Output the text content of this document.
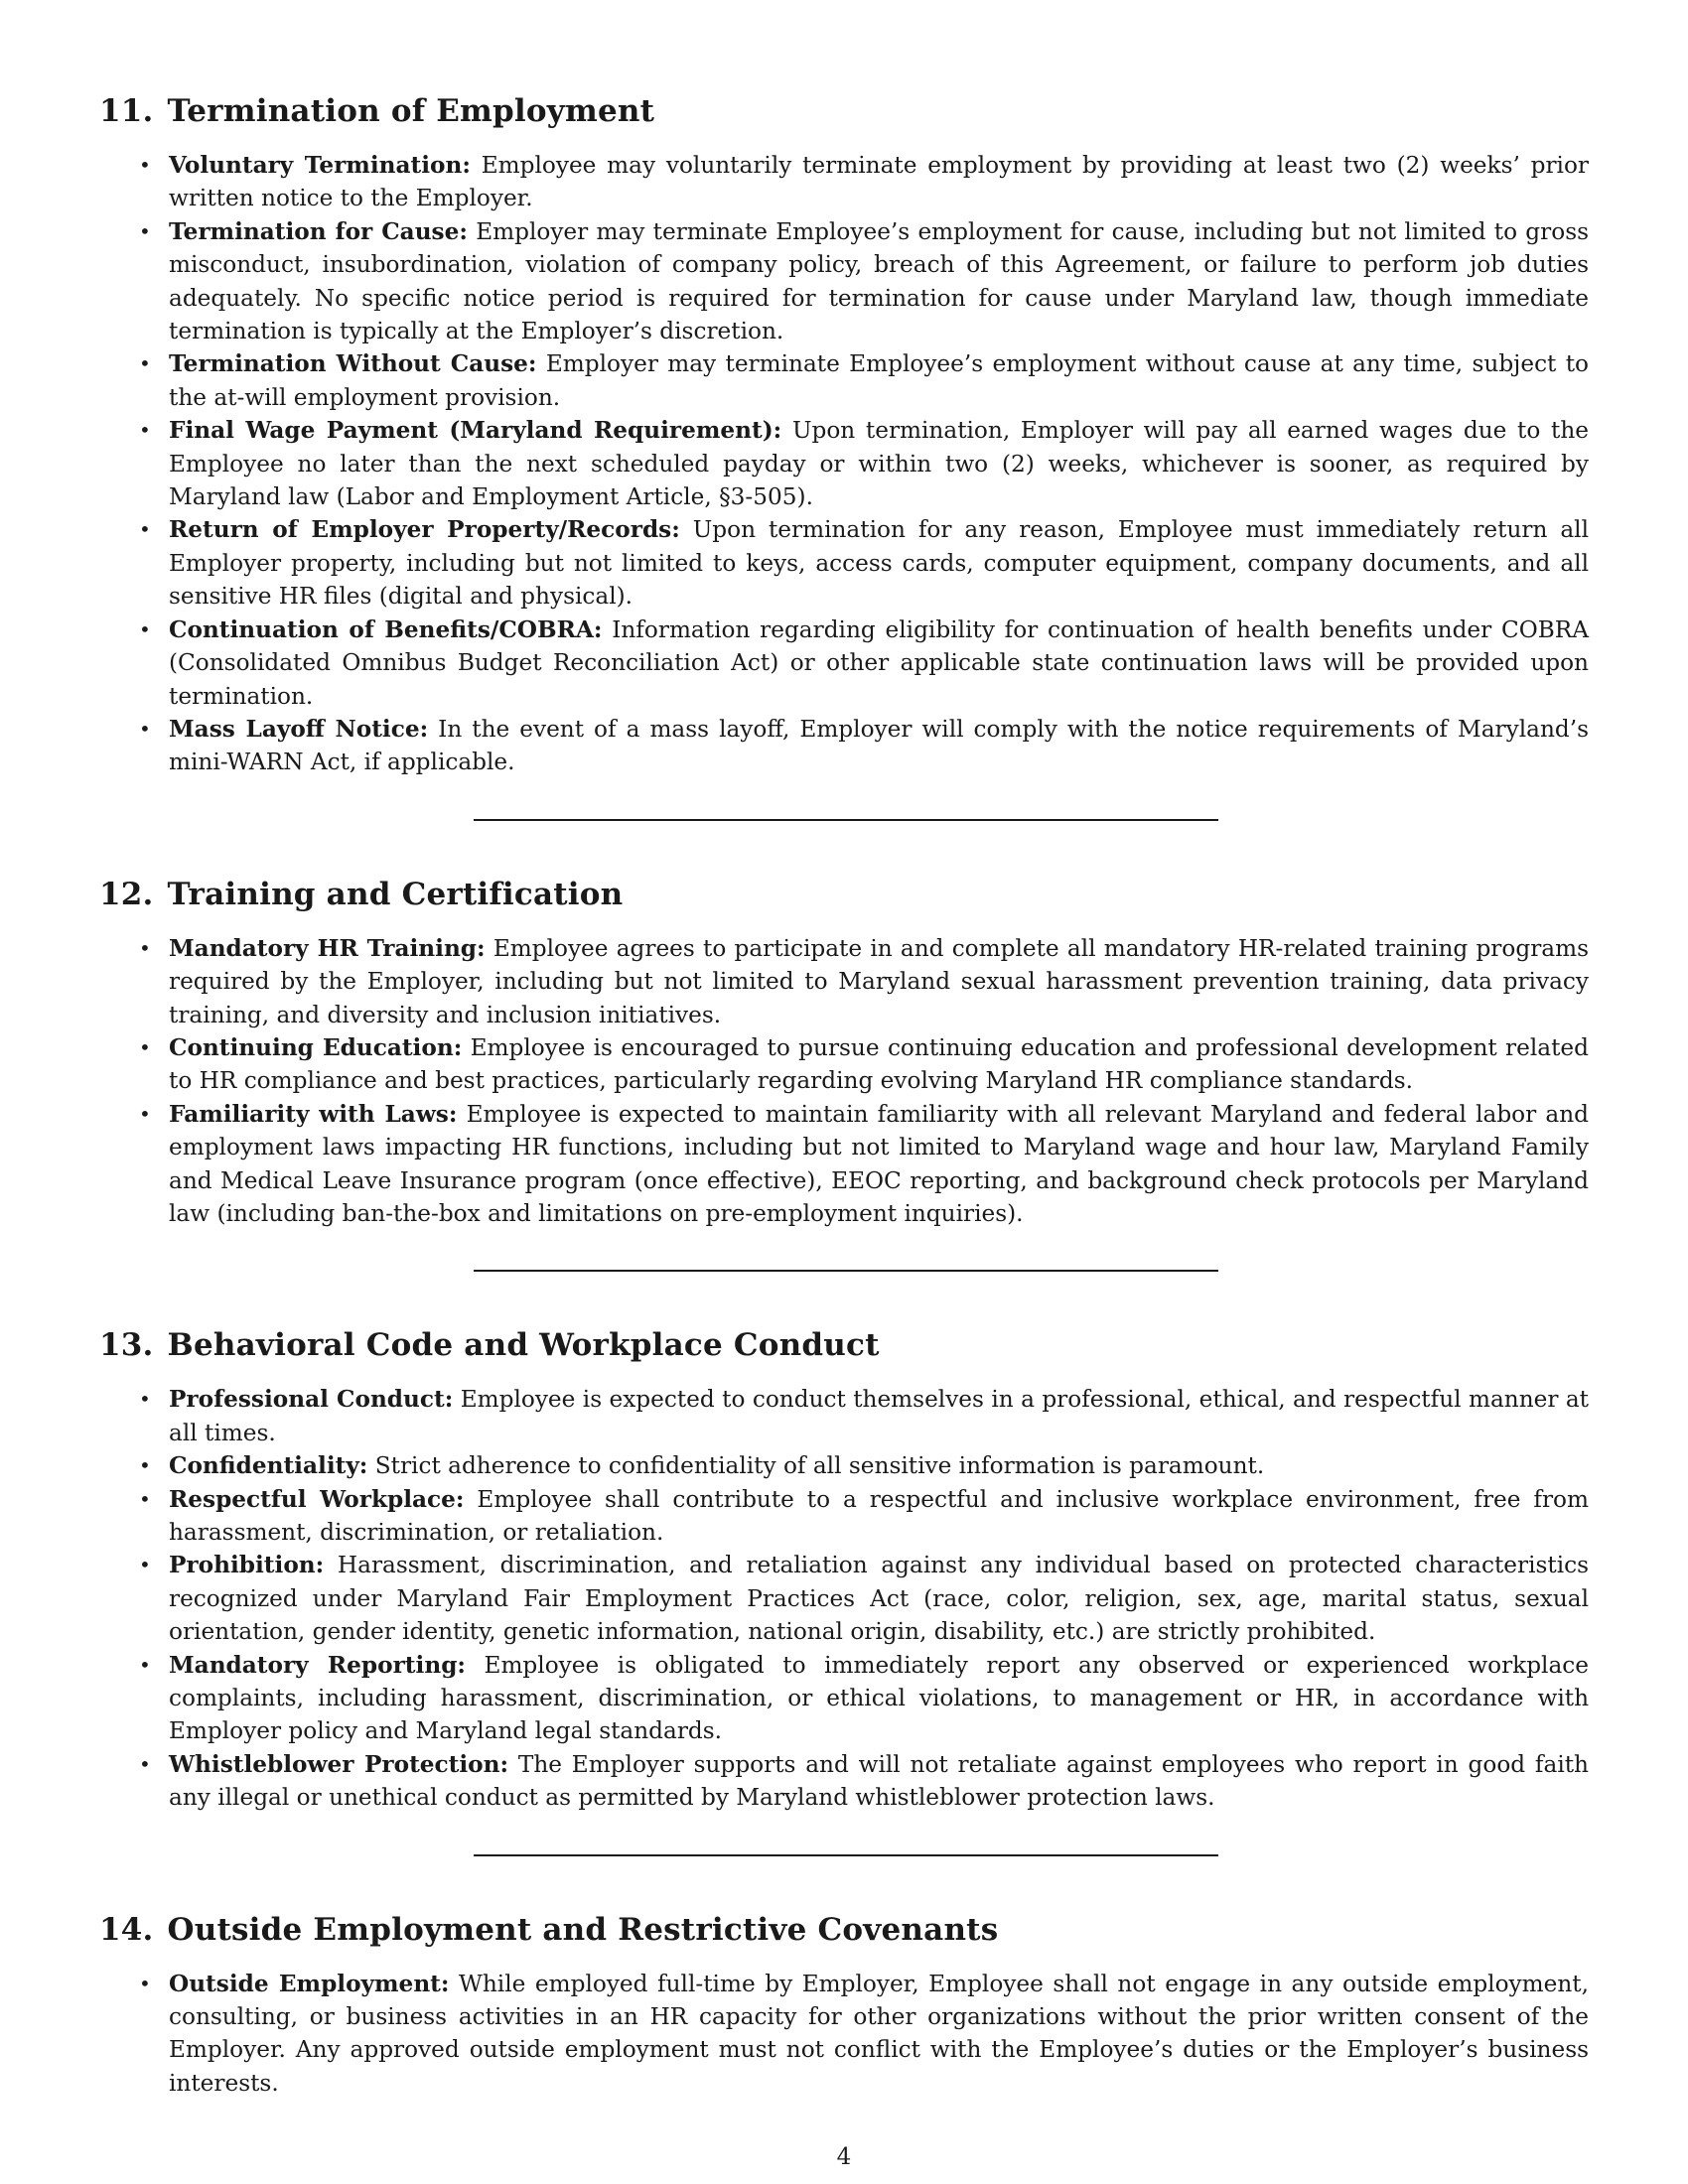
11. Termination of Employment
• Voluntary Termination: Employee may voluntarily terminate employment by providing at least two (2) weeks’ prior written notice to the Employer.
• Termination for Cause: Employer may terminate Employee’s employment for cause, including but not limited to gross misconduct, insubordination, violation of company policy, breach of this Agreement, or failure to perform job duties adequately. No specific notice period is required for termination for cause under Maryland law, though immediate termination is typically at the Employer’s discretion.
• Termination Without Cause: Employer may terminate Employee’s employment without cause at any time, subject to the at-will employment provision.
• Final Wage Payment (Maryland Requirement): Upon termination, Employer will pay all earned wages due to the Employee no later than the next scheduled payday or within two (2) weeks, whichever is sooner, as required by Maryland law (Labor and Employment Article, §3-505).
• Return of Employer Property/Records: Upon termination for any reason, Employee must immediately return all Employer property, including but not limited to keys, access cards, computer equipment, company documents, and all sensitive HR files (digital and physical).
• Continuation of Benefits/COBRA: Information regarding eligibility for continuation of health benefits under COBRA (Consolidated Omnibus Budget Reconciliation Act) or other applicable state continuation laws will be provided upon termination.
• Mass Layoff Notice: In the event of a mass layoff, Employer will comply with the notice requirements of Maryland’s mini-WARN Act, if applicable.
12. Training and Certification
• Mandatory HR Training: Employee agrees to participate in and complete all mandatory HR-related training programs required by the Employer, including but not limited to Maryland sexual harassment prevention training, data privacy training, and diversity and inclusion initiatives.
• Continuing Education: Employee is encouraged to pursue continuing education and professional development related to HR compliance and best practices, particularly regarding evolving Maryland HR compliance standards.
• Familiarity with Laws: Employee is expected to maintain familiarity with all relevant Maryland and federal labor and employment laws impacting HR functions, including but not limited to Maryland wage and hour law, Maryland Family and Medical Leave Insurance program (once effective), EEOC reporting, and background check protocols per Maryland law (including ban-the-box and limitations on pre-employment inquiries).
13. Behavioral Code and Workplace Conduct
• Professional Conduct: Employee is expected to conduct themselves in a professional, ethical, and respectful manner at all times.
• Confidentiality: Strict adherence to confidentiality of all sensitive information is paramount.
• Respectful Workplace: Employee shall contribute to a respectful and inclusive workplace environment, free from harassment, discrimination, or retaliation.
• Prohibition: Harassment, discrimination, and retaliation against any individual based on protected characteristics recognized under Maryland Fair Employment Practices Act (race, color, religion, sex, age, marital status, sexual orientation, gender identity, genetic information, national origin, disability, etc.) are strictly prohibited.
• Mandatory Reporting: Employee is obligated to immediately report any observed or experienced workplace complaints, including harassment, discrimination, or ethical violations, to management or HR, in accordance with Employer policy and Maryland legal standards.
• Whistleblower Protection: The Employer supports and will not retaliate against employees who report in good faith any illegal or unethical conduct as permitted by Maryland whistleblower protection laws.
14. Outside Employment and Restrictive Covenants
• Outside Employment: While employed full-time by Employer, Employee shall not engage in any outside employment, consulting, or business activities in an HR capacity for other organizations without the prior written consent of the Employer. Any approved outside employment must not conflict with the Employee’s duties or the Employer’s business interests.
4
